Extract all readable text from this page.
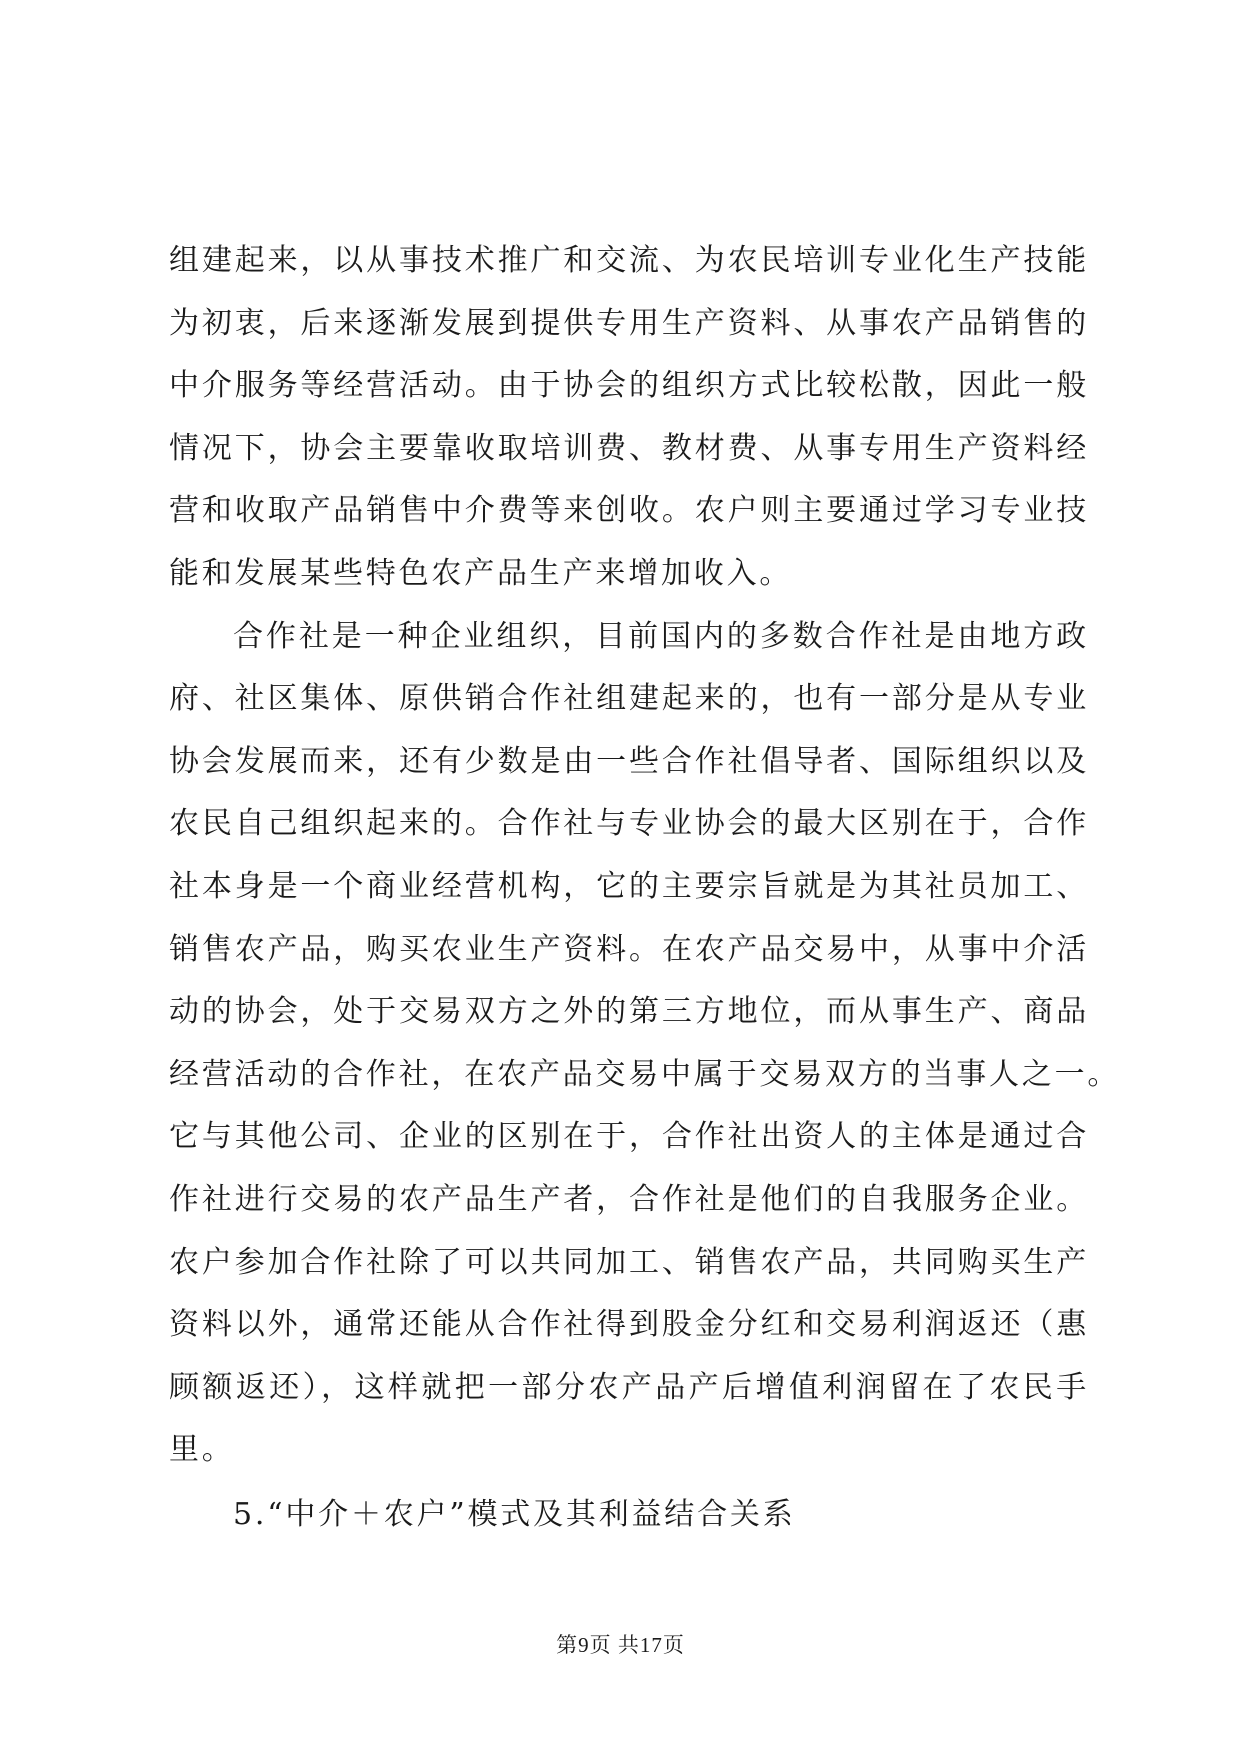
组建起来，以从事技术推广和交流、为农民培训专业化生产技能
为初衷，后来逐渐发展到提供专用生产资料、从事农产品销售的
中介服务等经营活动。由于协会的组织方式比较松散，因此一般
情况下，协会主要靠收取培训费、教材费、从事专用生产资料经
营和收取产品销售中介费等来创收。农户则主要通过学习专业技
能和发展某些特色农产品生产来增加收入。
合作社是一种企业组织，目前国内的多数合作社是由地方政
府、社区集体、原供销合作社组建起来的，也有一部分是从专业
协会发展而来，还有少数是由一些合作社倡导者、国际组织以及
农民自己组织起来的。合作社与专业协会的最大区别在于，合作
社本身是一个商业经营机构，它的主要宗旨就是为其社员加工、
销售农产品，购买农业生产资料。在农产品交易中，从事中介活
动的协会，处于交易双方之外的第三方地位，而从事生产、商品
经营活动的合作社，在农产品交易中属于交易双方的当事人之一。
它与其他公司、企业的区别在于，合作社出资人的主体是通过合
作社进行交易的农产品生产者，合作社是他们的自我服务企业。
农户参加合作社除了可以共同加工、销售农产品，共同购买生产
资料以外，通常还能从合作社得到股金分红和交易利润返还（惠
顾额返还），这样就把一部分农产品产后增值利润留在了农民手
里。
5.“中介＋农户”模式及其利益结合关系
第9页 共17页
